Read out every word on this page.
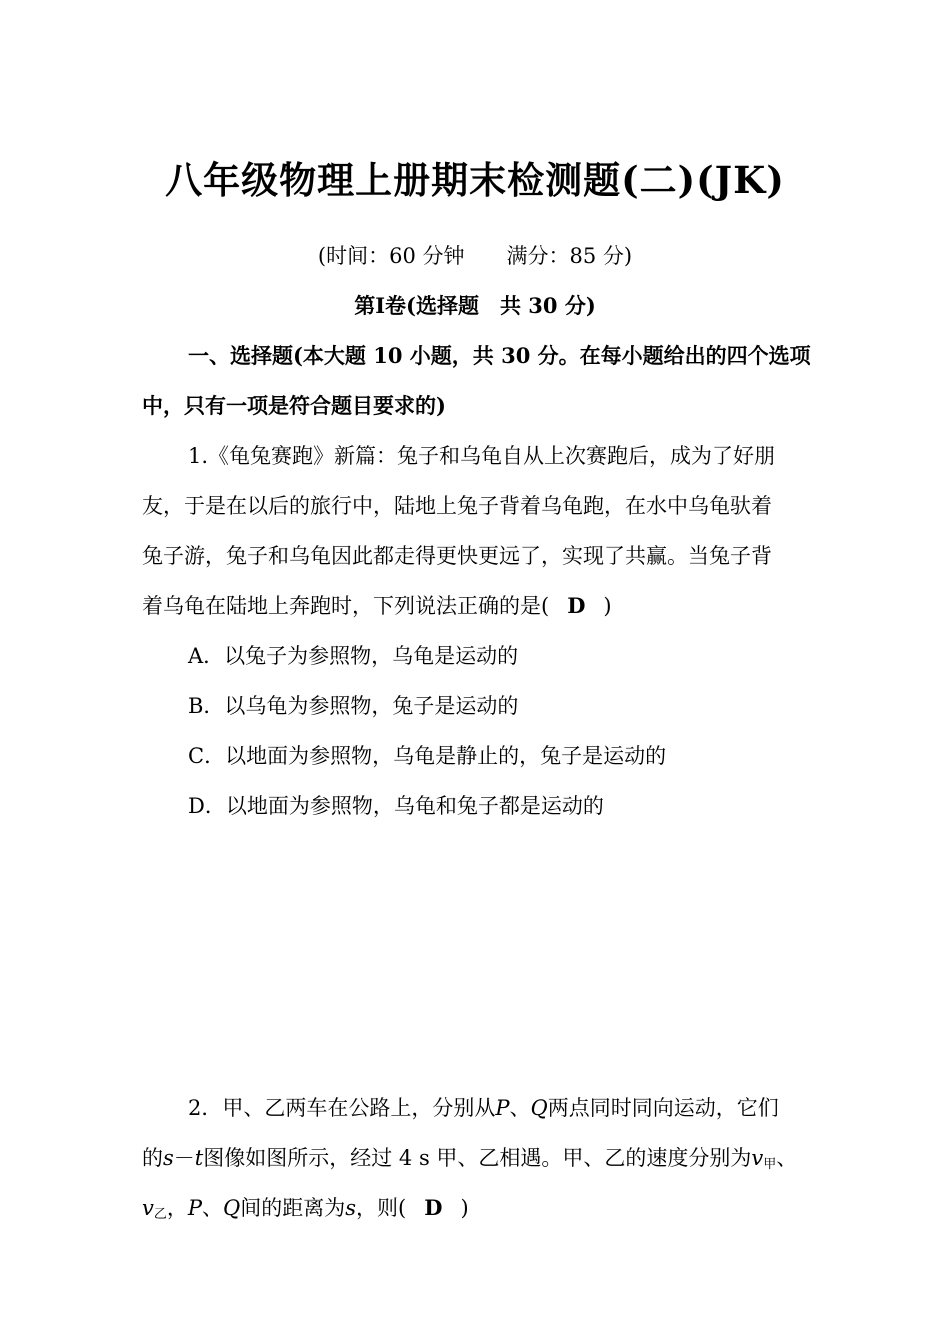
八年级物理上册期末检测题(二)(JK)
(时间：60 分钟　　满分：85 分)
第Ⅰ卷(选择题　共 30 分)
一、选择题(本大题 10 小题，共 30 分。在每小题给出的四个选项
中，只有一项是符合题目要求的)
1.《龟兔赛跑》新篇：兔子和乌龟自从上次赛跑后，成为了好朋
友，于是在以后的旅行中，陆地上兔子背着乌龟跑，在水中乌龟驮着
兔子游，兔子和乌龟因此都走得更快更远了，实现了共赢。当兔子背
着乌龟在陆地上奔跑时，下列说法正确的是( D )
A．以兔子为参照物，乌龟是运动的
B．以乌龟为参照物，兔子是运动的
C．以地面为参照物，乌龟是静止的，兔子是运动的
D．以地面为参照物，乌龟和兔子都是运动的
2．甲、乙两车在公路上，分别从P、Q两点同时同向运动，它们
的s－t图像如图所示，经过 4 s 甲、乙相遇。甲、乙的速度分别为$v_甲$、
$v_乙$，P、Q间的距离为s，则( D )
